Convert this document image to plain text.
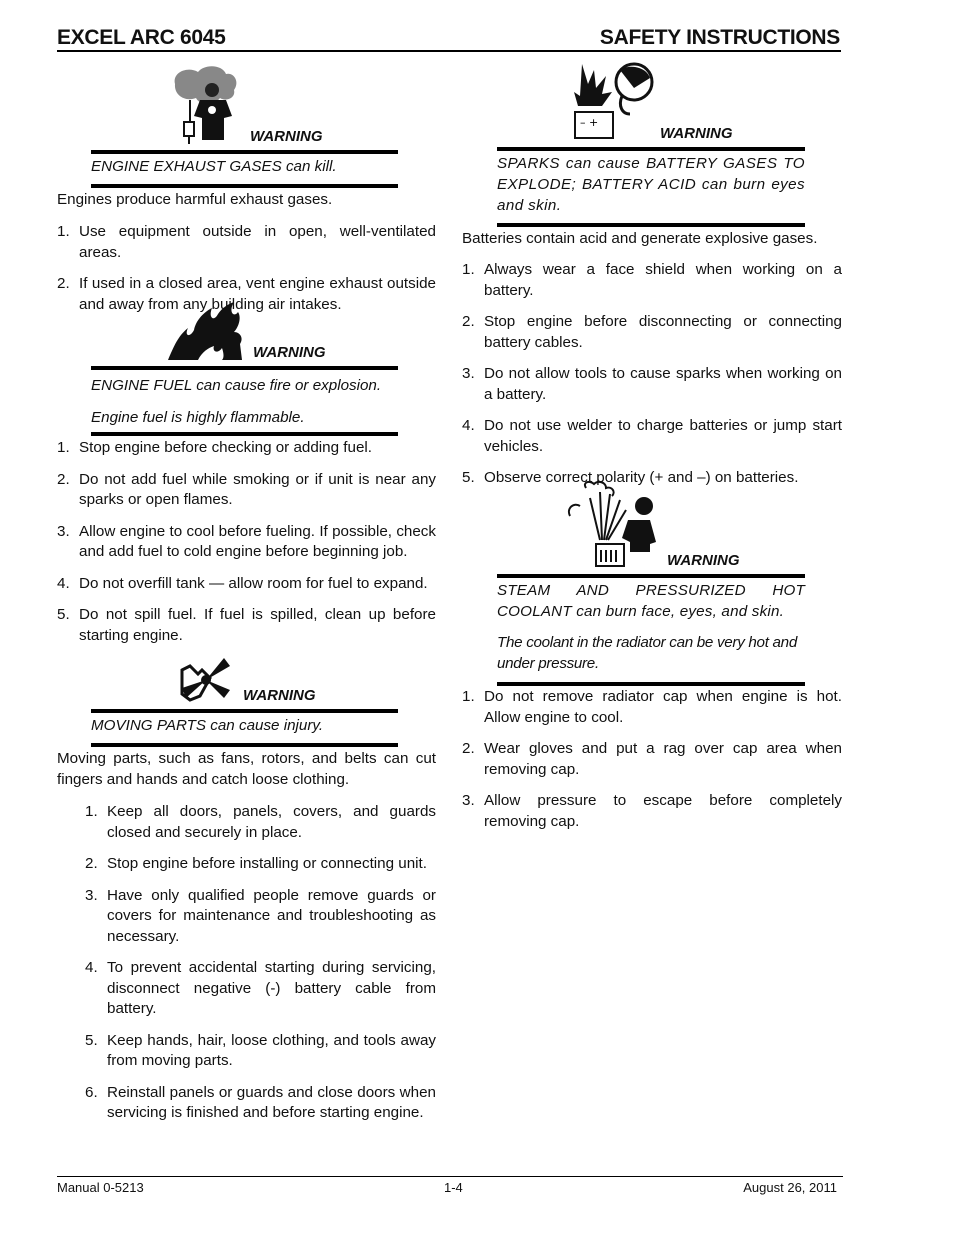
EXCEL ARC 6045	SAFETY INSTRUCTIONS
WARNING
ENGINE EXHAUST GASES can kill.
Engines produce harmful exhaust gases.
1. Use equipment outside in open, well-ventilated areas.
2. If used in a closed area, vent engine exhaust outside and away from any building air intakes.
WARNING
ENGINE FUEL can cause fire or explosion.
Engine fuel is highly flammable.
1. Stop engine before checking or adding fuel.
2. Do not add fuel while smoking or if unit is near any sparks or open flames.
3. Allow engine to cool before fueling. If possible, check and add fuel to cold engine before beginning job.
4. Do not overfill tank — allow room for fuel to expand.
5. Do not spill fuel. If fuel is spilled, clean up before starting engine.
WARNING
MOVING PARTS can cause injury.
Moving parts, such as fans, rotors, and belts can cut fingers and hands and catch loose clothing.
1. Keep all doors, panels, covers, and guards closed and securely in place.
2. Stop engine before installing or connecting unit.
3. Have only qualified people remove guards or covers for maintenance and troubleshooting as necessary.
4. To prevent accidental starting during servicing, disconnect negative (-) battery cable from battery.
5. Keep hands, hair, loose clothing, and tools away from moving parts.
6. Reinstall panels or guards and close doors when servicing is finished and before starting engine.
– +
WARNING
SPARKS can cause BATTERY GASES TO EXPLODE; BATTERY ACID can burn eyes and skin.
Batteries contain acid and generate explosive gases.
1. Always wear a face shield when working on a battery.
2. Stop engine before disconnecting or connecting battery cables.
3. Do not allow tools to cause sparks when working on a battery.
4. Do not use welder to charge batteries or jump start vehicles.
5. Observe correct polarity (+ and –) on batteries.
WARNING
STEAM AND PRESSURIZED HOT COOLANT can burn face, eyes, and skin.
The coolant in the radiator can be very hot and under pressure.
1. Do not remove radiator cap when engine is hot. Allow engine to cool.
2. Wear gloves and put a rag over cap area when removing cap.
3. Allow pressure to escape before completely removing cap.
Manual 0-5213	1-4	August 26, 2011
